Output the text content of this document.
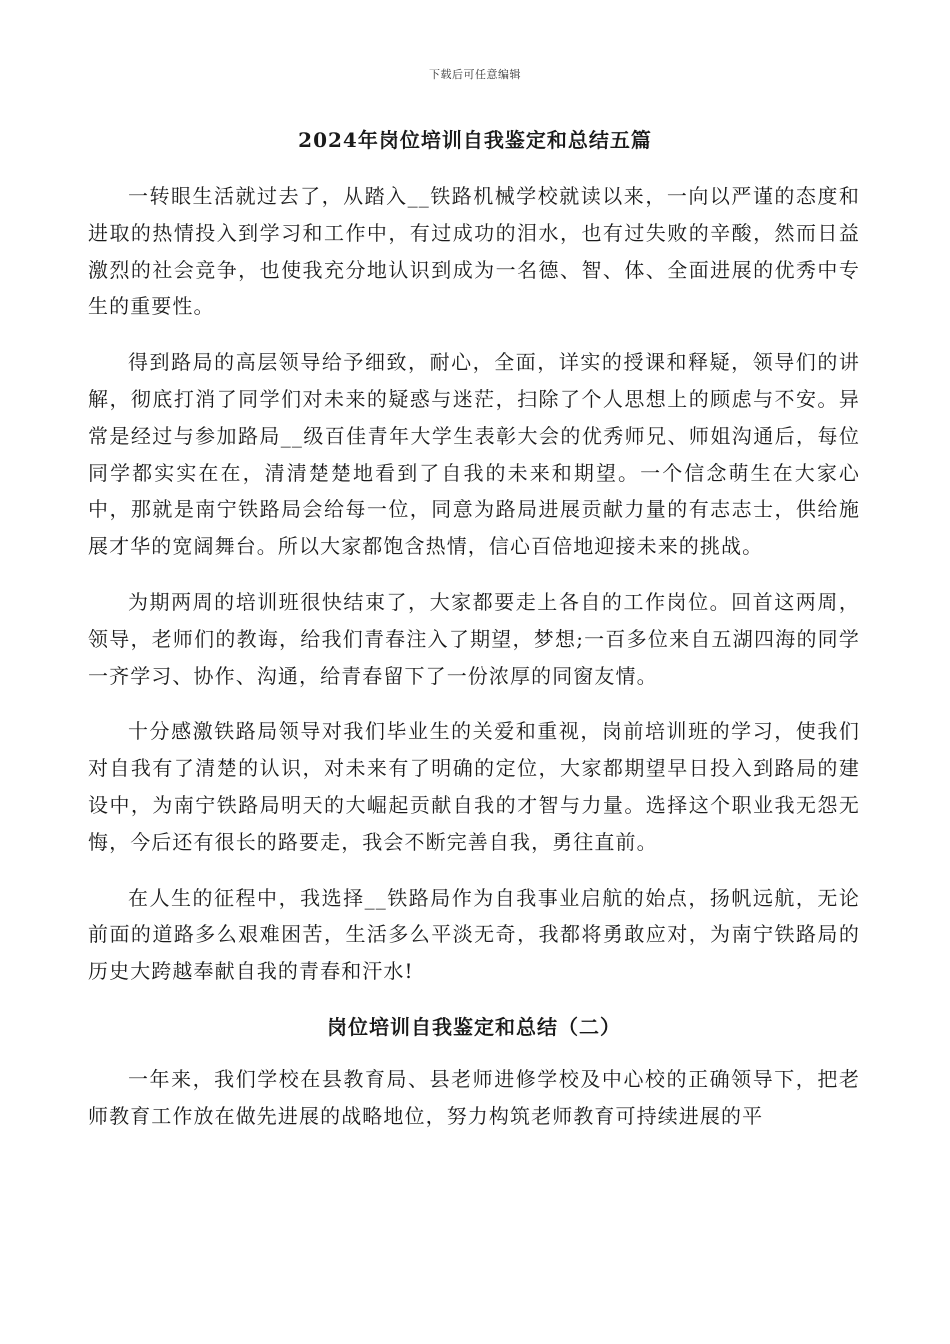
下载后可任意编辑
2024年岗位培训自我鉴定和总结五篇

一转眼生活就过去了，从踏入__铁路机械学校就读以来，一向以严谨的态度和进取的热情投入到学习和工作中，有过成功的泪水，也有过失败的辛酸，然而日益激烈的社会竞争，也使我充分地认识到成为一名德、智、体、全面进展的优秀中专生的重要性。

得到路局的高层领导给予细致，耐心，全面，详实的授课和释疑，领导们的讲解，彻底打消了同学们对未来的疑惑与迷茫，扫除了个人思想上的顾虑与不安。异常是经过与参加路局__级百佳青年大学生表彰大会的优秀师兄、师姐沟通后，每位同学都实实在在，清清楚楚地看到了自我的未来和期望。一个信念萌生在大家心中，那就是南宁铁路局会给每一位，同意为路局进展贡献力量的有志志士，供给施展才华的宽阔舞台。所以大家都饱含热情，信心百倍地迎接未来的挑战。

为期两周的培训班很快结束了，大家都要走上各自的工作岗位。回首这两周，领导，老师们的教诲，给我们青春注入了期望，梦想;一百多位来自五湖四海的同学一齐学习、协作、沟通，给青春留下了一份浓厚的同窗友情。

十分感激铁路局领导对我们毕业生的关爱和重视，岗前培训班的学习，使我们对自我有了清楚的认识，对未来有了明确的定位，大家都期望早日投入到路局的建设中，为南宁铁路局明天的大崛起贡献自我的才智与力量。选择这个职业我无怨无悔，今后还有很长的路要走，我会不断完善自我，勇往直前。

在人生的征程中，我选择__铁路局作为自我事业启航的始点，扬帆远航，无论前面的道路多么艰难困苦，生活多么平淡无奇，我都将勇敢应对，为南宁铁路局的历史大跨越奉献自我的青春和汗水!

岗位培训自我鉴定和总结（二）

一年来，我们学校在县教育局、县老师进修学校及中心校的正确领导下，把老师教育工作放在做先进展的战略地位，努力构筑老师教育可持续进展的平
